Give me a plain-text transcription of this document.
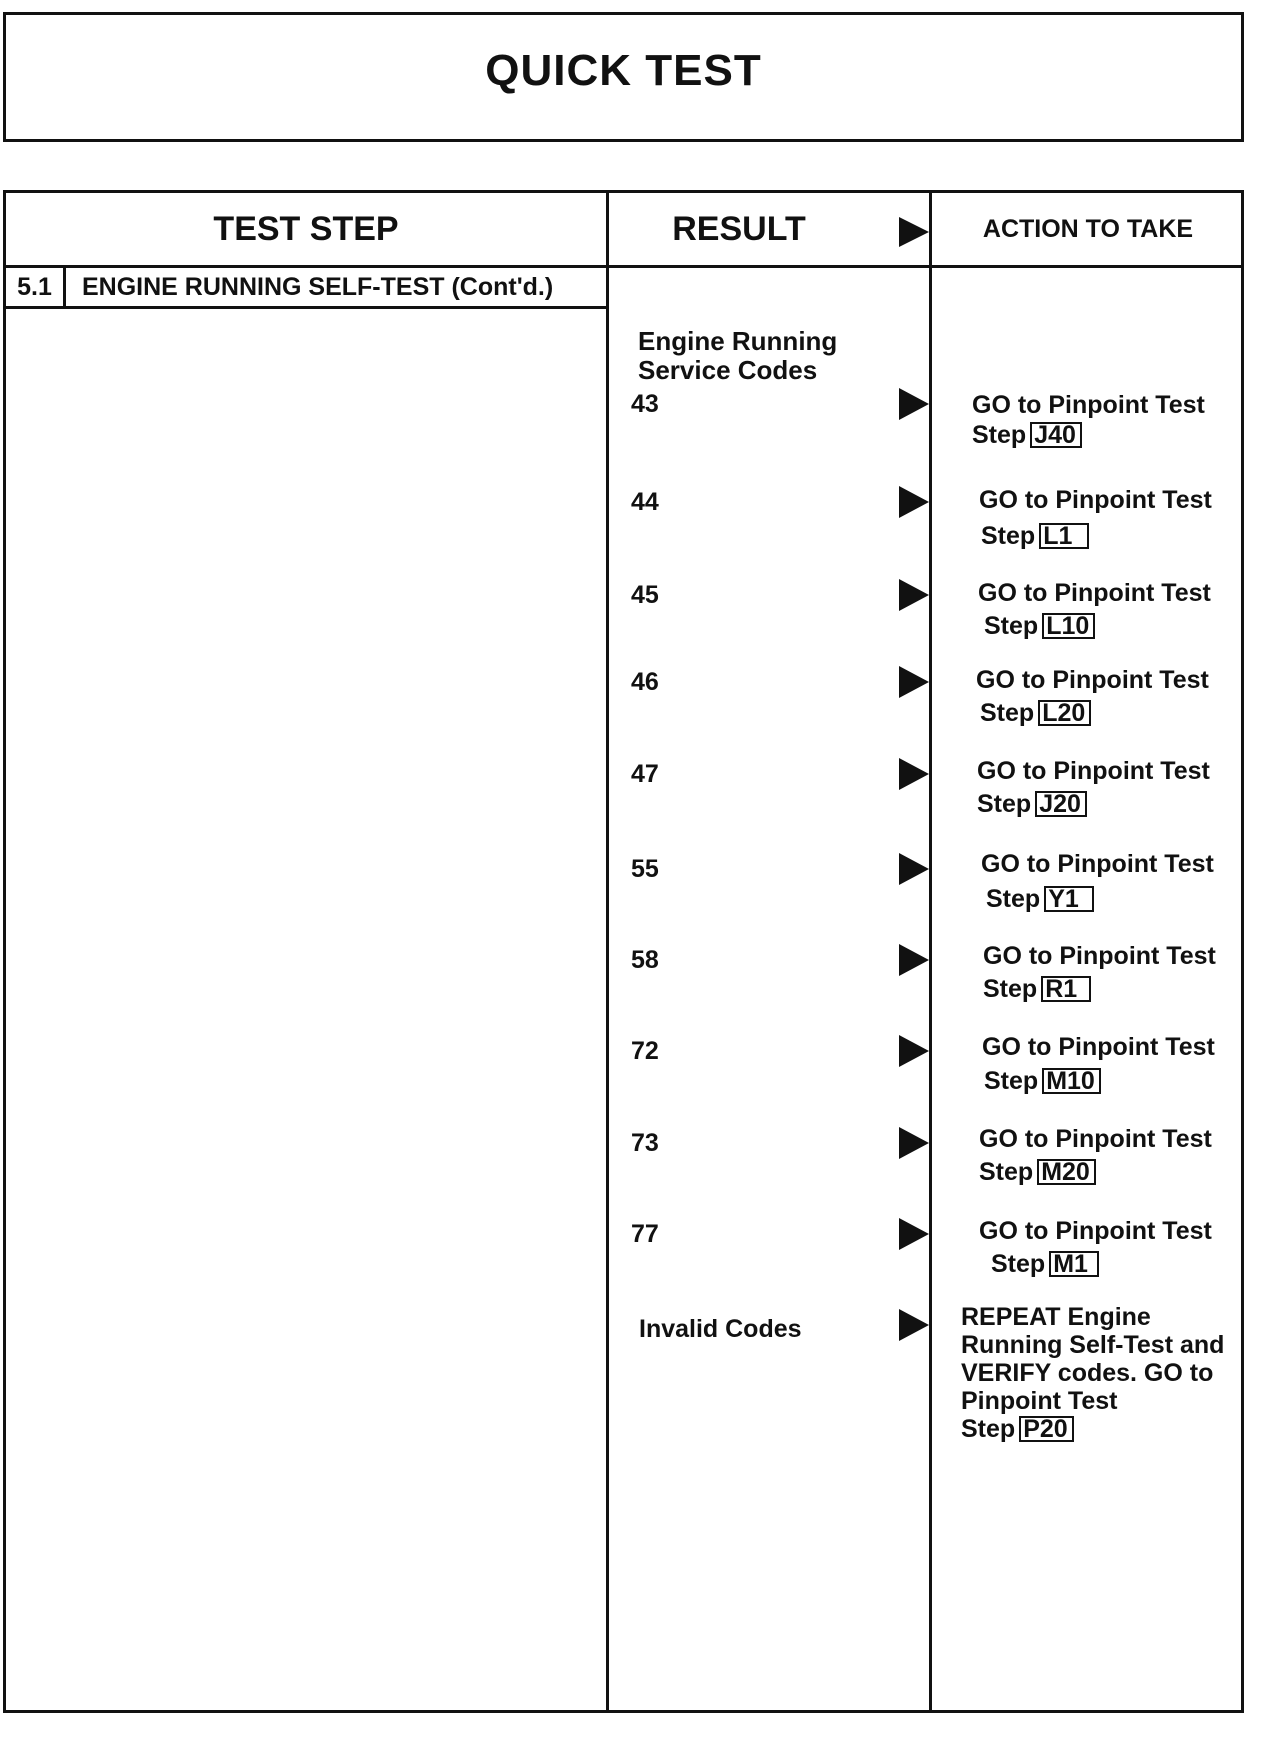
QUICK TEST
TEST STEP	RESULT	ACTION TO TAKE
5.1	ENGINE RUNNING SELF-TEST (Cont'd.)
Engine Running
Service Codes
43	GO to Pinpoint Test
Step J40
44	GO to Pinpoint Test
Step L1
45	GO to Pinpoint Test
Step L10
46	GO to Pinpoint Test
Step L20
47	GO to Pinpoint Test
Step J20
55	GO to Pinpoint Test
Step Y1
58	GO to Pinpoint Test
Step R1
72	GO to Pinpoint Test
Step M10
73	GO to Pinpoint Test
Step M20
77	GO to Pinpoint Test
Step M1
Invalid Codes	REPEAT Engine
Running Self-Test and
VERIFY codes. GO to
Pinpoint Test
Step P20
